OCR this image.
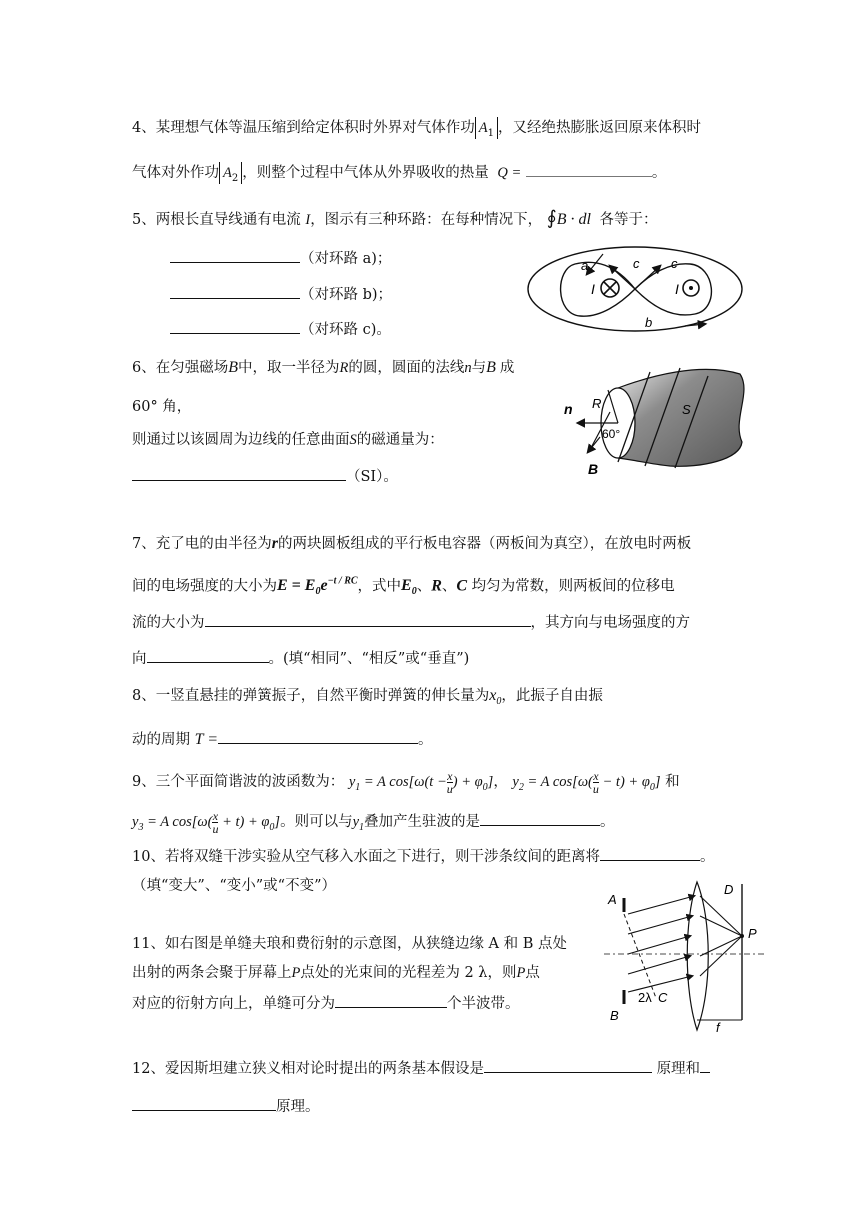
4、某理想气体等温压缩到给定体积时外界对气体作功 $A_1$ ，又经绝热膨胀返回原来体积时
气体对外作功 $A_2$ ，则整个过程中气体从外界吸收的热量 Q =	。
5、两根长直导线通有电流 I，图示有三种环路：在每种情况下， ∮B · dl 各等于：
（对环路 a)；
（对环路 b)；
（对环路 c)。
I	I
a	c c
b
6、在匀强磁场B中，取一半径为R的圆，圆面的法线n与B 成
60° 角，
则通过以该圆周为边线的任意曲面S的磁通量为：
（SI）。
n R
60°
S
B
7、充了电的由半径为r的两块圆板组成的平行板电容器（两板间为真空），在放电时两板
间的电场强度的大小为$E = E_0e^{-t / RC}$，式中$E_0$、R、C 均匀为常数，则两板间的位移电
流的大小为	，其方向与电场强度的方
向	。(填“相同”、“相反”或“垂直”)
8、一竖直悬挂的弹簧振子，自然平衡时弹簧的伸长量为$x_0$，此振子自由振
动的周期 T =	。
9、三个平面简谐波的波函数为： $y_1 = A$ $\cos[\omega(t - \frac{x}{u}$ ) + $\varphi_0$]， $y_2 = A$ $\cos[\omega( \frac{x}{u} - t) + \varphi_0]$ 和
$y_3 = A$ $\cos[\omega( \frac{x}{u} + t) + \varphi_0]$。则可以与$y_1$叠加产生驻波的是	。
10、若将双缝干涉实验从空气移入水面之下进行，则干涉条纹间的距离将	。
（填“变大”、“变小”或“不变”）
11、如右图是单缝夫琅和费衍射的示意图，从狭缝边缘 A 和 B 点处
出射的两条会聚于屏幕上P点处的光束间的光程差为 2 λ，则P点
对应的衍射方向上，单缝可分为	个半波带。
A
B
C
D
P
f
2λ
12、爱因斯坦建立狭义相对论时提出的两条基本假设是	原理和
原理。
